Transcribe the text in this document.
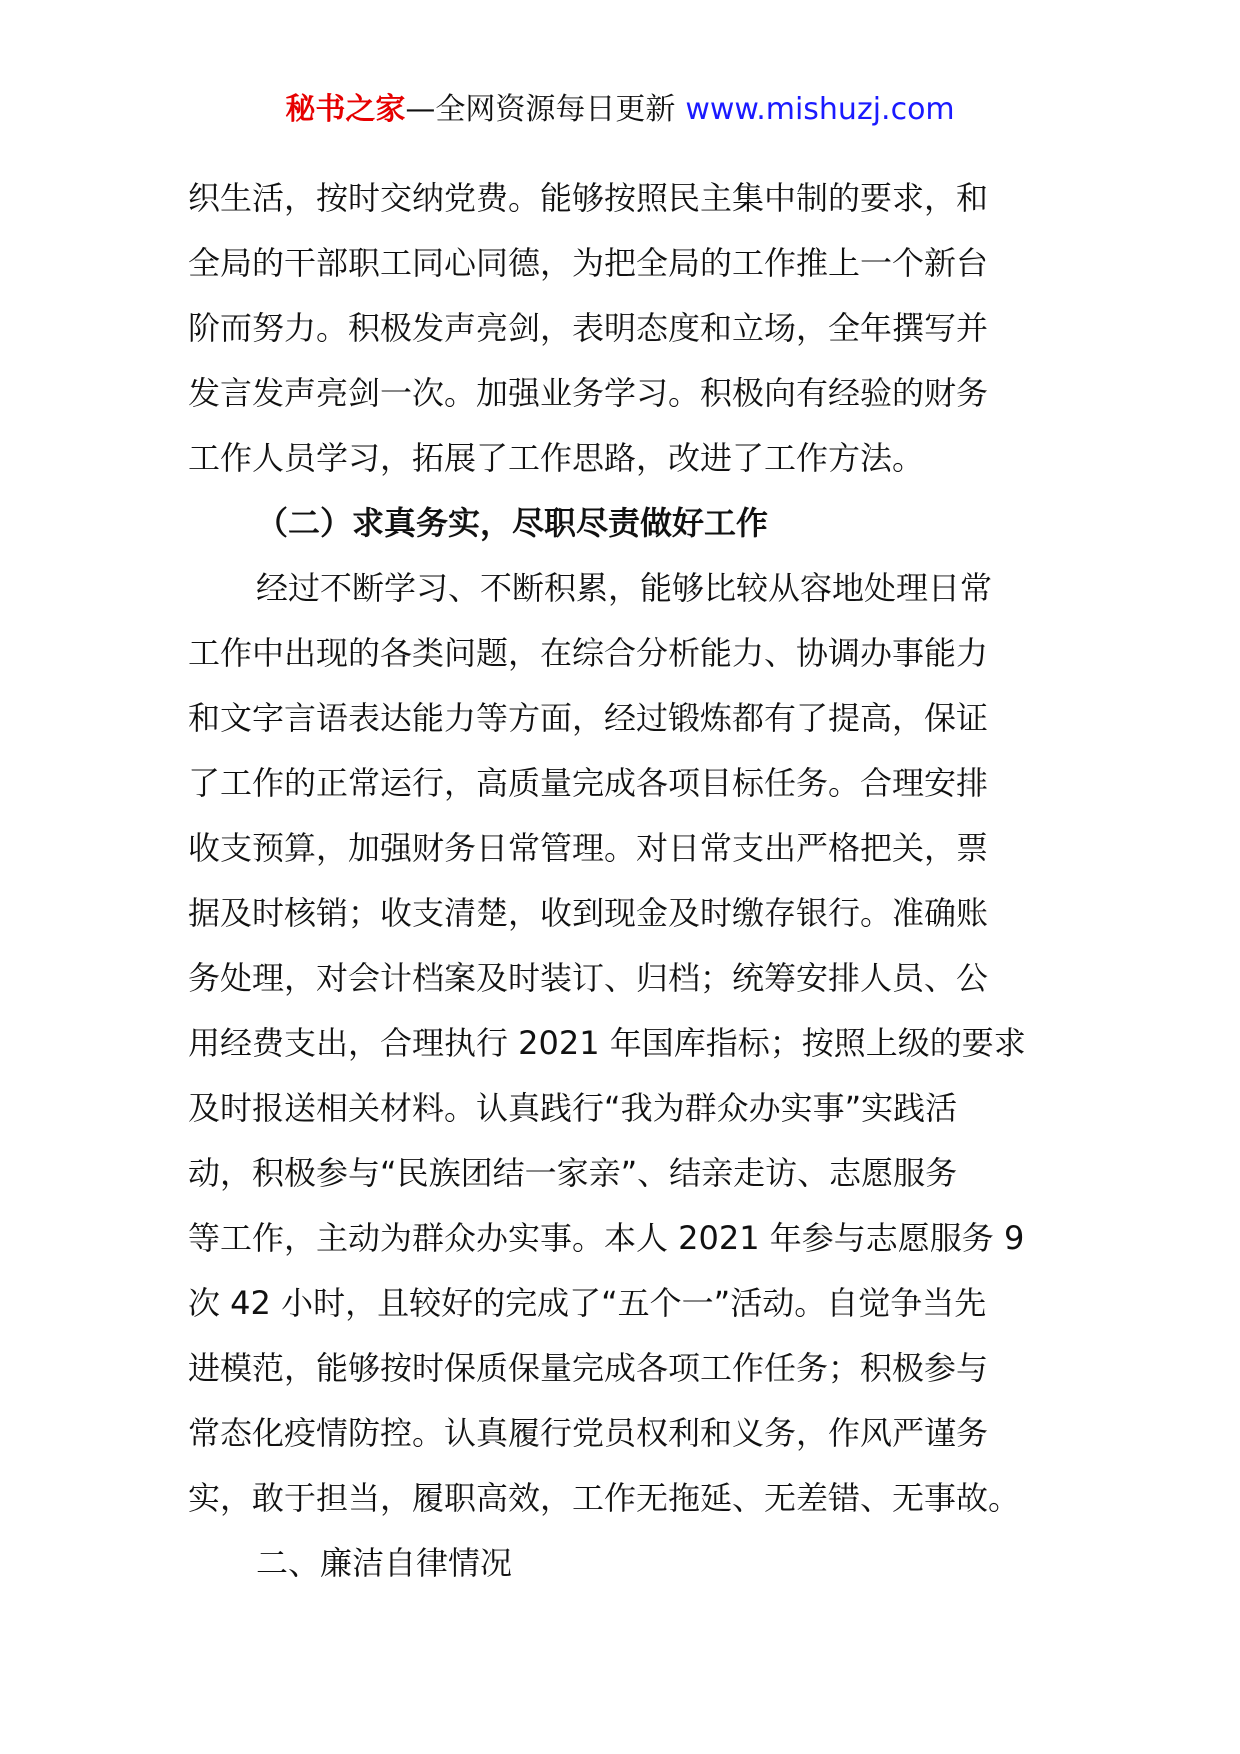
秘书之家—全网资源每日更新 www.mishuzj.com
织生活，按时交纳党费。能够按照民主集中制的要求，和
全局的干部职工同心同德，为把全局的工作推上一个新台
阶而努力。积极发声亮剑，表明态度和立场，全年撰写并
发言发声亮剑一次。加强业务学习。积极向有经验的财务
工作人员学习，拓展了工作思路，改进了工作方法。
（二）求真务实，尽职尽责做好工作
经过不断学习、不断积累，能够比较从容地处理日常
工作中出现的各类问题，在综合分析能力、协调办事能力
和文字言语表达能力等方面，经过锻炼都有了提高，保证
了工作的正常运行，高质量完成各项目标任务。合理安排
收支预算，加强财务日常管理。对日常支出严格把关，票
据及时核销；收支清楚，收到现金及时缴存银行。准确账
务处理，对会计档案及时装订、归档；统筹安排人员、公
用经费支出，合理执行 2021 年国库指标；按照上级的要求
及时报送相关材料。认真践行“我为群众办实事”实践活
动，积极参与“民族团结一家亲”、结亲走访、志愿服务
等工作，主动为群众办实事。本人 2021 年参与志愿服务 9
次 42 小时，且较好的完成了“五个一”活动。自觉争当先
进模范，能够按时保质保量完成各项工作任务；积极参与
常态化疫情防控。认真履行党员权利和义务，作风严谨务
实，敢于担当，履职高效，工作无拖延、无差错、无事故。
二、廉洁自律情况
